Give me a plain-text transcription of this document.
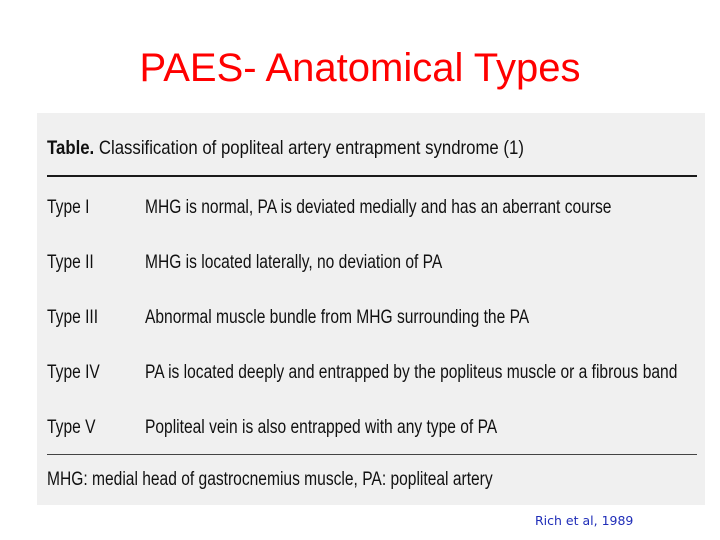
PAES- Anatomical Types
Table. Classification of popliteal artery entrapment syndrome (1)
Type I	MHG is normal, PA is deviated medially and has an aberrant course
Type II	MHG is located laterally, no deviation of PA
Type III Abnormal muscle bundle from MHG surrounding the PA
Type IV PA is located deeply and entrapped by the popliteus muscle or a fibrous band
Type V	Popliteal vein is also entrapped with any type of PA
MHG: medial head of gastrocnemius muscle, PA: popliteal artery
Rich et al, 1989
